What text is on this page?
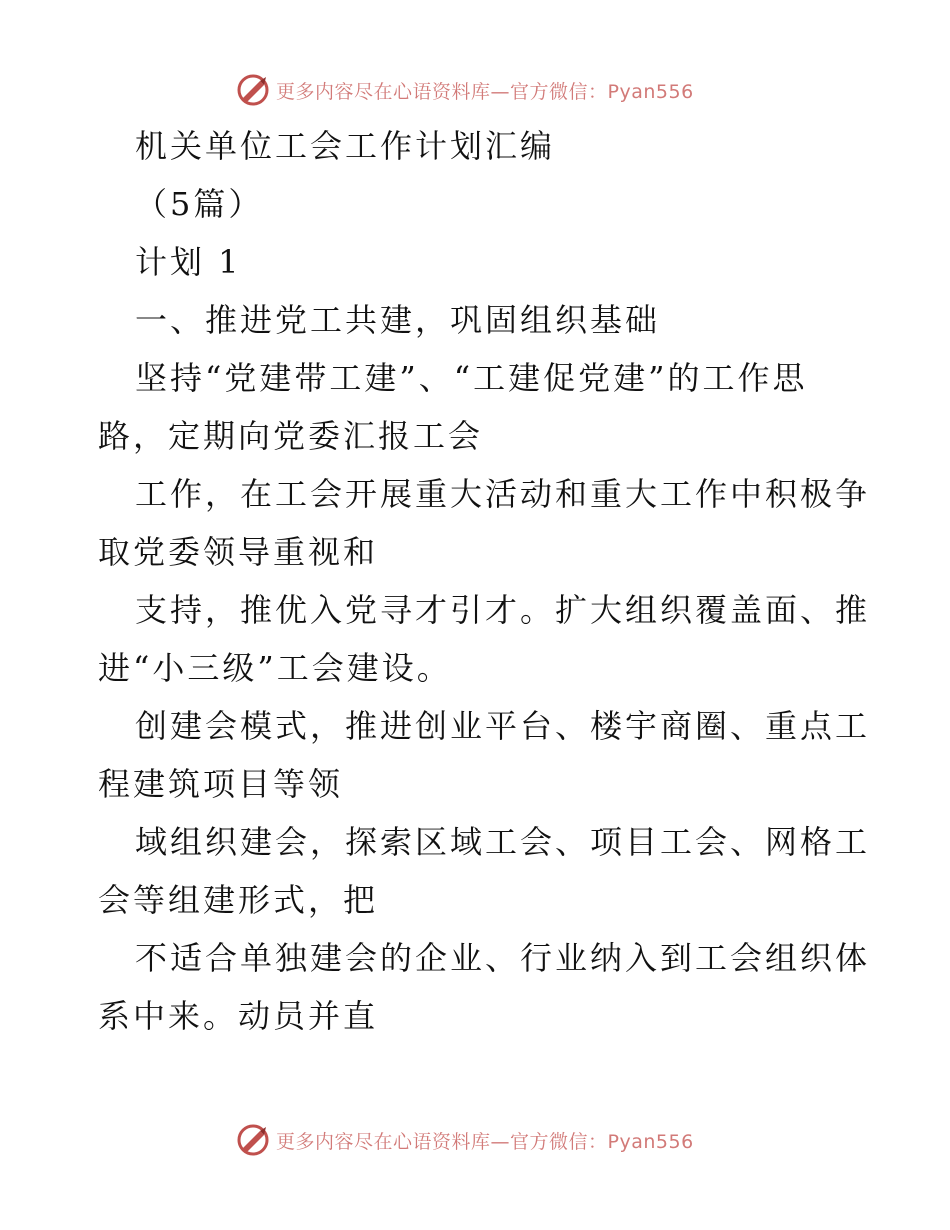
更多内容尽在心语资料库—官方微信：Pyan556
机关单位工会工作计划汇编
（5篇）
计划 1
一、推进党工共建，巩固组织基础
坚持“党建带工建”、“工建促党建”的工作思
路，定期向党委汇报工会
工作，在工会开展重大活动和重大工作中积极争
取党委领导重视和
支持，推优入党寻才引才。扩大组织覆盖面、推
进“小三级”工会建设。
创建会模式，推进创业平台、楼宇商圈、重点工
程建筑项目等领
域组织建会，探索区域工会、项目工会、网格工
会等组建形式，把
不适合单独建会的企业、行业纳入到工会组织体
系中来。动员并直
更多内容尽在心语资料库—官方微信：Pyan556
